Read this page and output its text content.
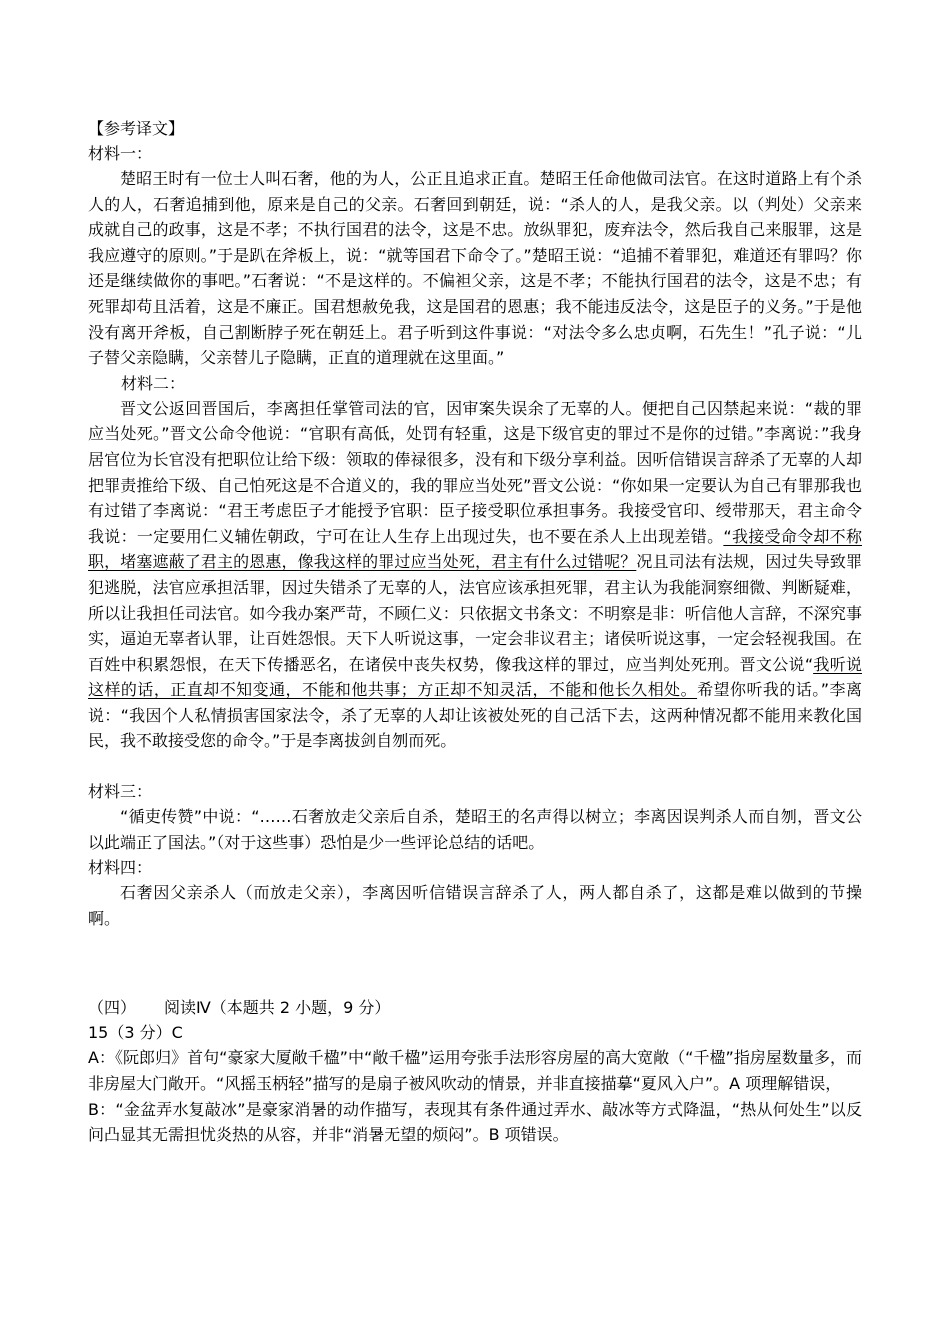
【参考译文】
材料一：
楚昭王时有一位士人叫石奢，他的为人，公正且追求正直。楚昭王任命他做司法官。在这时道路上有个杀人的人，石奢追捕到他，原来是自己的父亲。石奢回到朝廷，说：“杀人的人，是我父亲。以（判处）父亲来成就自己的政事，这是不孝；不执行国君的法令，这是不忠。放纵罪犯，废弃法令，然后我自己来服罪，这是我应遵守的原则。”于是趴在斧板上，说：“就等国君下命令了。”楚昭王说：“追捕不着罪犯，难道还有罪吗？你还是继续做你的事吧。”石奢说：“不是这样的。不偏袒父亲，这是不孝；不能执行国君的法令，这是不忠；有死罪却苟且活着，这是不廉正。国君想赦免我，这是国君的恩惠；我不能违反法令，这是臣子的义务。”于是他没有离开斧板，自己割断脖子死在朝廷上。君子听到这件事说：“对法令多么忠贞啊，石先生！”孔子说：“儿子替父亲隐瞒，父亲替儿子隐瞒，正直的道理就在这里面。”
材料二：
晋文公返回晋国后，李离担任掌管司法的官，因审案失误余了无辜的人。便把自己囚禁起来说：“裁的罪应当处死。”晋文公命令他说：“官职有高低，处罚有轻重，这是下级官吏的罪过不是你的过错。”李离说：”我身居官位为长官没有把职位让给下级：领取的俸禄很多，没有和下级分享利益。因听信错误言辞杀了无辜的人却把罪责推给下级、自己怕死这是不合道义的，我的罪应当处死”晋文公说：“你如果一定要认为自己有罪那我也有过错了李离说：“君王考虑臣子才能授予官职：臣子接受职位承担事务。我接受官印、绶带那天，君主命令我说：一定要用仁义辅佐朝政，宁可在让人生存上出现过失，也不要在杀人上出现差错。“我接受命令却不称职，堵塞遮蔽了君主的恩惠，像我这样的罪过应当处死，君主有什么过错呢？况且司法有法规，因过失导致罪犯逃脱，法官应承担活罪，因过失错杀了无辜的人，法官应该承担死罪，君主认为我能洞察细微、判断疑难，所以让我担任司法官。如今我办案严苛，不顾仁义：只依据文书条文：不明察是非：听信他人言辞，不深究事实，逼迫无辜者认罪，让百姓怨恨。天下人听说这事，一定会非议君主；诸侯听说这事，一定会轻视我国。在百姓中积累怨恨，在天下传播恶名，在诸侯中丧失权势，像我这样的罪过，应当判处死刑。晋文公说“我听说这样的话，正直却不知变通，不能和他共事；方正却不知灵活，不能和他长久相处。希望你听我的话。”李离说：“我因个人私情损害国家法令，杀了无辜的人却让该被处死的自己活下去，这两种情况都不能用来教化国民，我不敢接受您的命令。”于是李离拔剑自刎而死。
材料三：
“循吏传赞”中说：“……石奢放走父亲后自杀，楚昭王的名声得以树立；李离因误判杀人而自刎，晋文公以此端正了国法。”（对于这些事）恐怕是少一些评论总结的话吧。
材料四：
石奢因父亲杀人（而放走父亲），李离因听信错误言辞杀了人，两人都自杀了，这都是难以做到的节操啊。
（四） 阅读Ⅳ（本题共 2 小题，9 分）
15（3 分）C
A：《阮郎归》首句“豪家大厦敞千楹”中“敞千楹”运用夸张手法形容房屋的高大宽敞（“千楹”指房屋数量多，而非房屋大门敞开。“风摇玉柄轻”描写的是扇子被风吹动的情景，并非直接描摹“夏风入户”。A 项理解错误，
B：“金盆弄水复敲冰”是豪家消暑的动作描写，表现其有条件通过弄水、敲冰等方式降温，“热从何处生”以反问凸显其无需担忧炎热的从容，并非“消暑无望的烦闷”。B 项错误。
